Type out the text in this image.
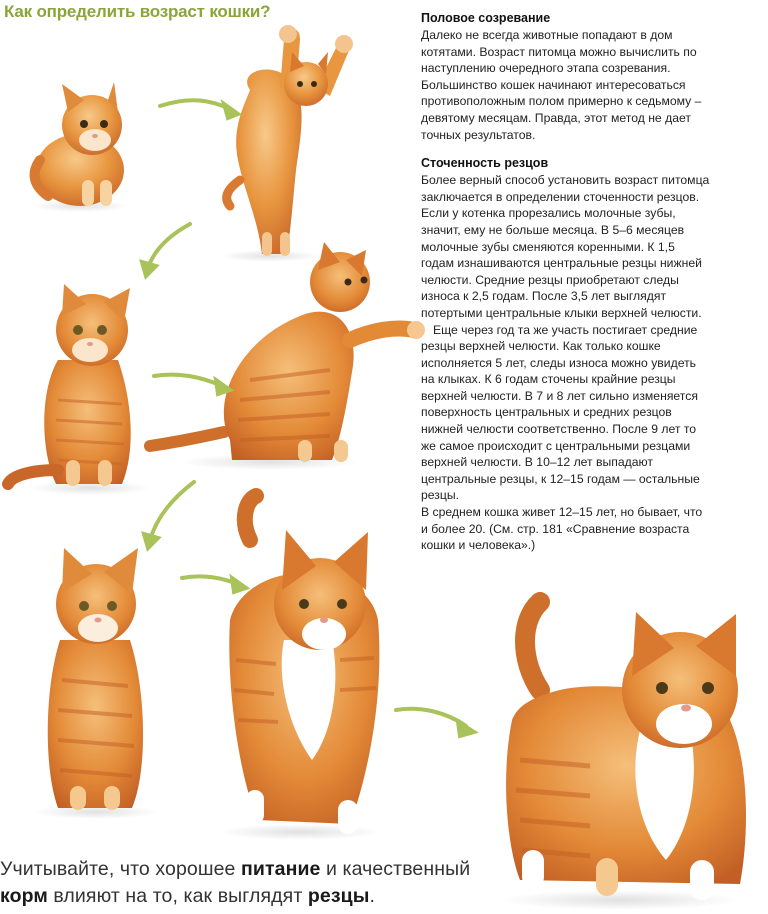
Как определить возраст кошки?	Половое созревание

Далеко не всегда животные попадают в дом котятами. Возраст питомца можно вычислить по наступлению очередного этапа созревания. Большинство кошек начинают интересоваться противоположным полом примерно к седьмому – девятому месяцам. Правда, этот метод не дает точных результатов.

Сточенность резцов

Более верный способ установить возраст питомца заключается в определении сточенности резцов. Если у котенка прорезались молочные зубы, значит, ему не больше месяца. В 5–6 месяцев молочные зубы сменяются коренными. К 1,5 годам изнашиваются центральные резцы нижней челюсти. Средние резцы приобретают следы износа к 2,5 годам. После 3,5 лет выглядят потертыми центральные клыки верхней челюсти.

Еще через год та же участь постигает средние резцы верхней челюсти. Как только кошке исполняется 5 лет, следы износа можно увидеть на клыках. К 6 годам сточены крайние резцы верхней челюсти. В 7 и 8 лет сильно изменяется поверхность центральных и средних резцов нижней челюсти соответственно. После 9 лет то же самое происходит с центральными резцами верхней челюсти. В 10–12 лет выпадают центральные резцы, к 12–15 годам — остальные резцы.

В среднем кошка живет 12–15 лет, но бывает, что и более 20. (См. стр. 181 «Сравнение возраста кошки и человека».)

Учитывайте, что хорошее питание и качественный
корм влияют на то, как выглядят резцы.
